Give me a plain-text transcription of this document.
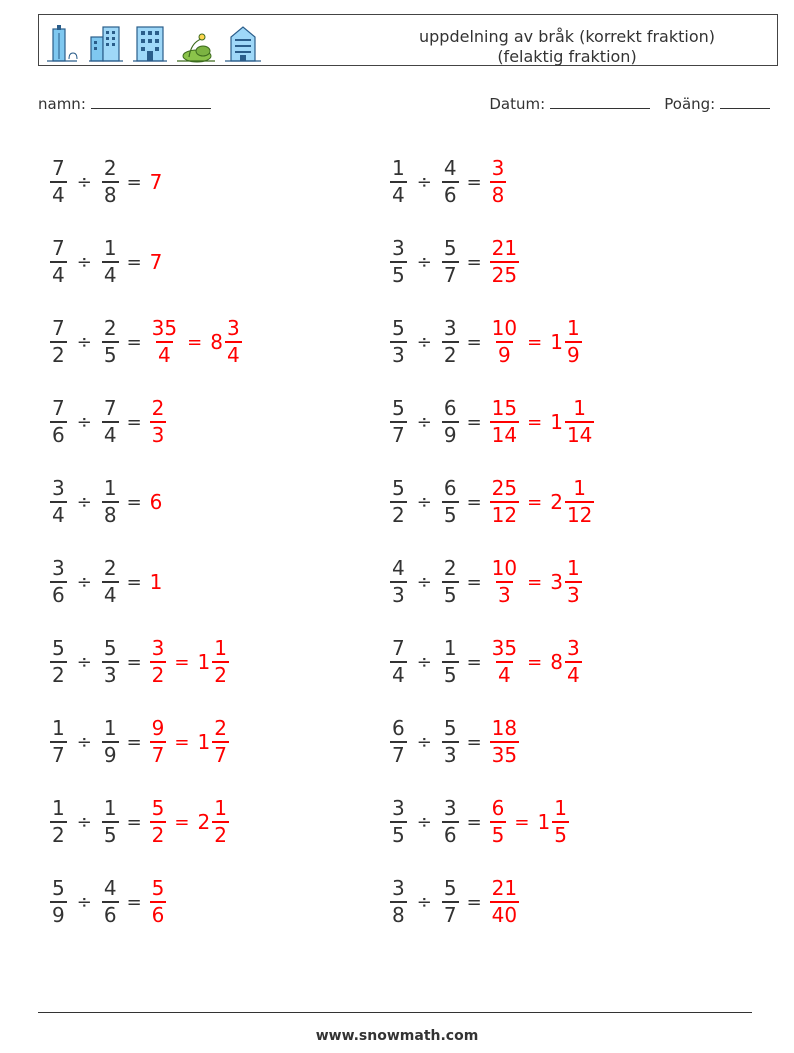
uppdelning av bråk (korrekt fraktion)
(felaktig fraktion)
namn:	Datum:	Poäng:
$\frac{7}{4} \div \frac{2}{8} = 7$	$\frac{1}{4} \div \frac{4}{6} = \frac{3}{8}$
$\frac{7}{4} \div \frac{1}{4} = 7$	$\frac{3}{5} \div \frac{5}{7} = \frac{21}{25}$
$\frac{7}{2} \div \frac{2}{5} = \frac{35}{4} = 8 \frac{3}{4}$	$\frac{5}{3} \div \frac{3}{2} = \frac{10}{9} = 1 \frac{1}{9}$
$\frac{7}{6} \div \frac{7}{4} = \frac{2}{3}$	$\frac{5}{7} \div \frac{6}{9} = \frac{15}{14} = 1 \frac{1}{14}$
$\frac{3}{4} \div \frac{1}{8} = 6$	$\frac{5}{2} \div \frac{6}{5} = \frac{25}{12} = 2 \frac{1}{12}$
$\frac{3}{6} \div \frac{2}{4} = 1$	$\frac{4}{3} \div \frac{2}{5} = \frac{10}{3} = 3 \frac{1}{3}$
$\frac{5}{2} \div \frac{5}{3} = \frac{3}{2} = 1 \frac{1}{2}$	$\frac{7}{4} \div \frac{1}{5} = \frac{35}{4} = 8 \frac{3}{4}$
$\frac{1}{7} \div \frac{1}{9} = \frac{9}{7} = 1 \frac{2}{7}$	$\frac{6}{7} \div \frac{5}{3} = \frac{18}{35}$
$\frac{1}{2} \div \frac{1}{5} = \frac{5}{2} = 2 \frac{1}{2}$	$\frac{3}{5} \div \frac{3}{6} = \frac{6}{5} = 1 \frac{1}{5}$
$\frac{5}{9} \div \frac{4}{6} = \frac{5}{6}$	$\frac{3}{8} \div \frac{5}{7} = \frac{21}{40}$
www.snowmath.com
